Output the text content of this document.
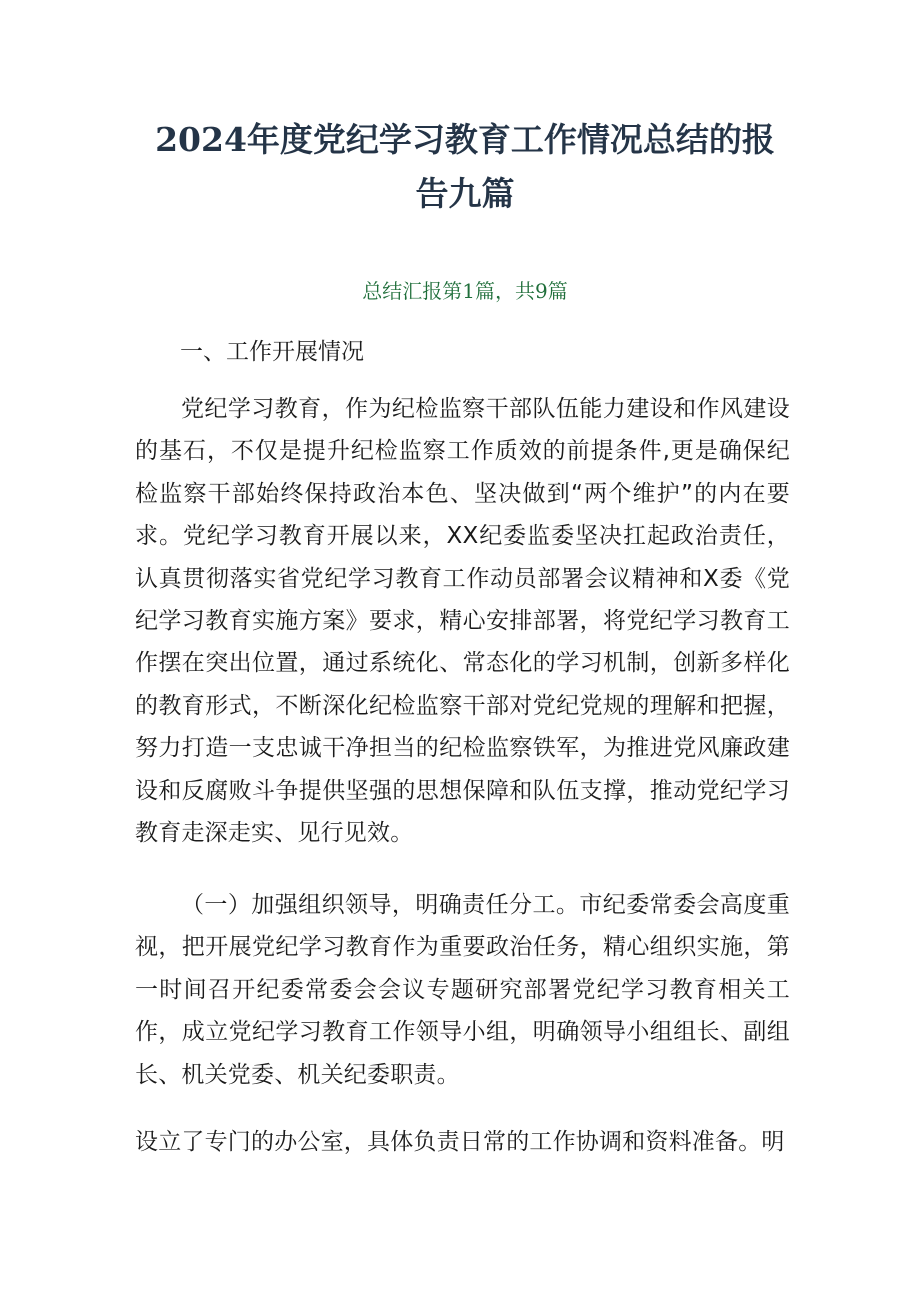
2024年度党纪学习教育工作情况总结的报
告九篇

总结汇报第1篇，共9篇

一、工作开展情况

党纪学习教育，作为纪检监察干部队伍能力建设和作风建设的基石，不仅是提升纪检监察工作质效的前提条件,更是确保纪检监察干部始终保持政治本色、坚决做到“两个维护”的内在要求。党纪学习教育开展以来，XX纪委监委坚决扛起政治责任，认真贯彻落实省党纪学习教育工作动员部署会议精神和X委《党纪学习教育实施方案》要求，精心安排部署，将党纪学习教育工作摆在突出位置，通过系统化、常态化的学习机制，创新多样化的教育形式，不断深化纪检监察干部对党纪党规的理解和把握，努力打造一支忠诚干净担当的纪检监察铁军，为推进党风廉政建设和反腐败斗争提供坚强的思想保障和队伍支撑，推动党纪学习教育走深走实、见行见效。

（一）加强组织领导，明确责任分工。市纪委常委会高度重视，把开展党纪学习教育作为重要政治任务，精心组织实施，第一时间召开纪委常委会会议专题研究部署党纪学习教育相关工作，成立党纪学习教育工作领导小组，明确领导小组组长、副组长、机关党委、机关纪委职责。

设立了专门的办公室，具体负责日常的工作协调和资料准备。明
